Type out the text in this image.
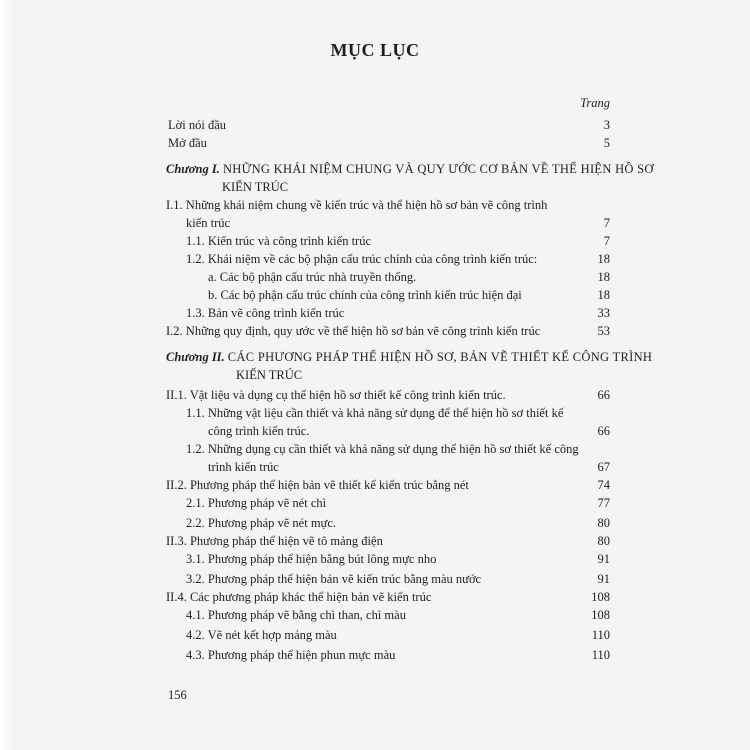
MỤC LỤC
Trang
Lời nói đầu	3
Mở đầu	5
Chương I. NHỮNG KHÁI NIỆM CHUNG VÀ QUY ƯỚC CƠ BẢN VỀ THỂ HIỆN HỒ SƠ
KIẾN TRÚC
I.1. Những khái niệm chung về kiến trúc và thể hiện hồ sơ bản vẽ công trình
kiến trúc	7
1.1. Kiến trúc và công trình kiến trúc	7
1.2. Khái niệm về các bộ phận cấu trúc chính của công trình kiến trúc:	18
a. Các bộ phận cấu trúc nhà truyền thống.	18
b. Các bộ phận cấu trúc chính của công trình kiến trúc hiện đại	18
1.3. Bản vẽ công trình kiến trúc	33
I.2. Những quy định, quy ước về thể hiện hồ sơ bản vẽ công trình kiến trúc	53
Chương II. CÁC PHƯƠNG PHÁP THỂ HIỆN HỒ SƠ, BẢN VẼ THIẾT KẾ CÔNG TRÌNH
KIẾN TRÚC
II.1. Vật liệu và dụng cụ thể hiện hồ sơ thiết kế công trình kiến trúc.	66
1.1. Những vật liệu cần thiết và khả năng sử dụng để thể hiện hồ sơ thiết kế
công trình kiến trúc.	66
1.2. Những dụng cụ cần thiết và khả năng sử dụng thể hiện hồ sơ thiết kế công
trình kiến trúc	67
II.2. Phương pháp thể hiện bản vẽ thiết kế kiến trúc bằng nét	74
2.1. Phương pháp vẽ nét chì	77
2.2. Phương pháp vẽ nét mực.	80
II.3. Phương pháp thể hiện vẽ tô mảng điện	80
3.1. Phương pháp thể hiện bằng bút lông mực nho	91
3.2. Phương pháp thể hiện bản vẽ kiến trúc bằng màu nước	91
II.4. Các phương pháp khác thể hiện bản vẽ kiến trúc	108
4.1. Phương pháp vẽ bằng chì than, chì màu	108
4.2. Vẽ nét kết hợp mảng màu	110
4.3. Phương pháp thể hiện phun mực màu	110
156
